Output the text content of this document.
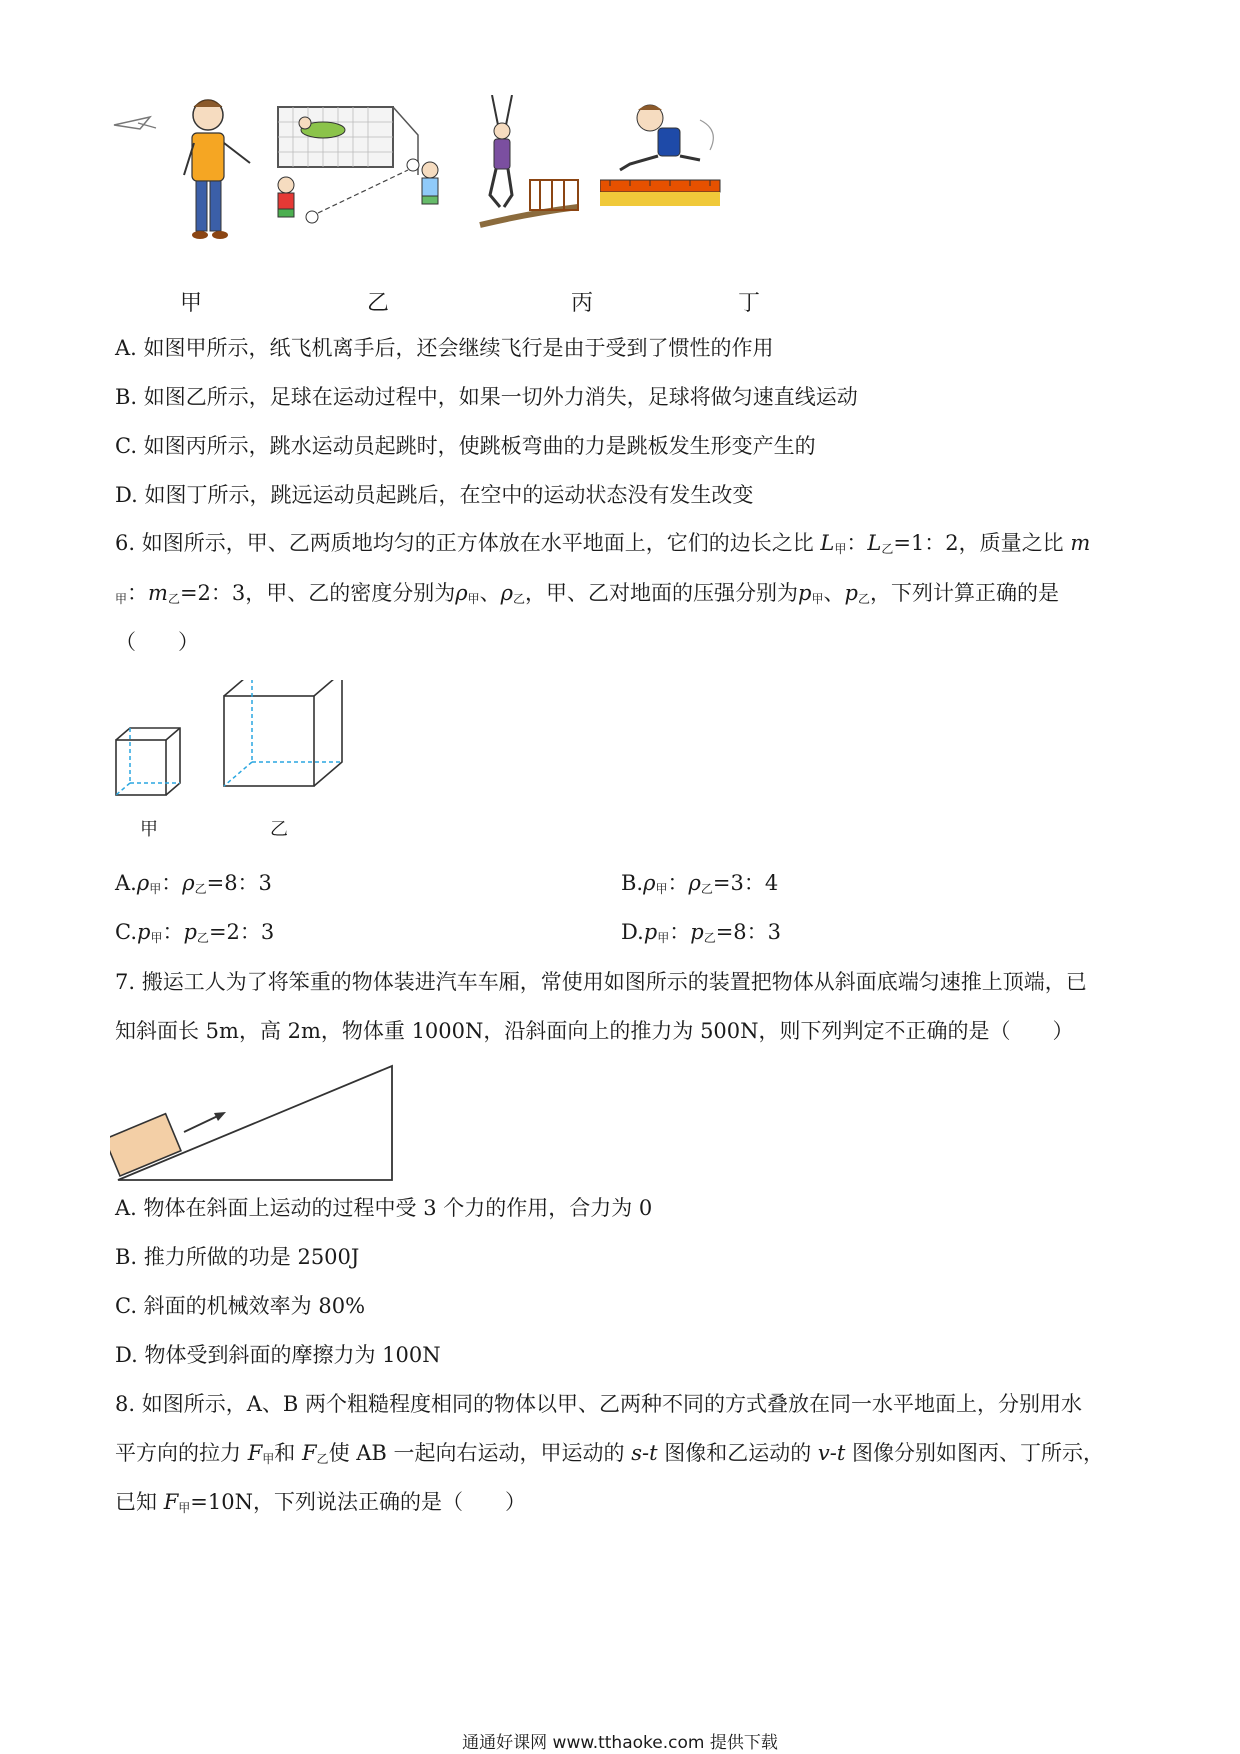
甲	乙	丙	丁
A. 如图甲所示，纸飞机离手后，还会继续飞行是由于受到了惯性的作用
B. 如图乙所示，足球在运动过程中，如果一切外力消失，足球将做匀速直线运动
C. 如图丙所示，跳水运动员起跳时，使跳板弯曲的力是跳板发生形变产生的
D. 如图丁所示，跳远运动员起跳后，在空中的运动状态没有发生改变
6. 如图所示，甲、乙两质地均匀的正方体放在水平地面上，它们的边长之比 $L_甲$：$L_乙=1$：2，质量之比 m
$_甲$：$m_乙=2$：3，甲、乙的密度分别为$\rho_甲$、$\rho_乙$，甲、乙对地面的压强分别为$p_甲$、$p_乙$，下列计算正确的是
（　　）
甲	乙
$A.\rho_甲$：$\rho_乙=8$：3	$B.\rho_甲$：$\rho_乙=3$：4
$C.p_甲$：$p_乙=2$：3	$D.p_甲$：$p_乙=8$：3
7. 搬运工人为了将笨重的物体装进汽车车厢，常使用如图所示的装置把物体从斜面底端匀速推上顶端，已
知斜面长 5m，高 2m，物体重 1000N，沿斜面向上的推力为 500N，则下列判定不正确的是（　　）
A. 物体在斜面上运动的过程中受 3 个力的作用，合力为 0
B. 推力所做的功是 2500J
C. 斜面的机械效率为 80%
D. 物体受到斜面的摩擦力为 100N
8. 如图所示，A、B 两个粗糙程度相同的物体以甲、乙两种不同的方式叠放在同一水平地面上，分别用水
平方向的拉力 $F_甲$和 $F_乙$使 AB 一起向右运动，甲运动的 s-t 图像和乙运动的 v-t 图像分别如图丙、丁所示，
已知 $F_甲=10N$，下列说法正确的是（　　）
通通好课网 www.tthaoke.com 提供下载
